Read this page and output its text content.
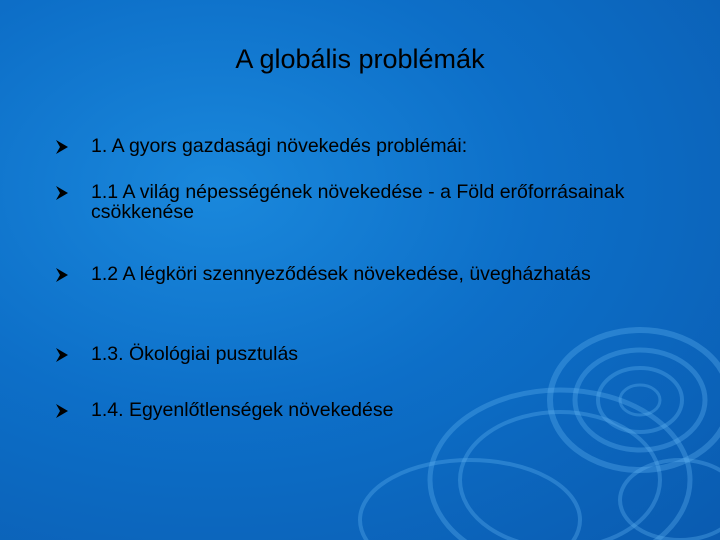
A globális problémák
1. A gyors gazdasági növekedés problémái:
1.1 A világ népességének növekedése - a Föld erőforrásainak csökkenése
1.2 A légköri szennyeződések növekedése, üvegházhatás
1.3. Ökológiai pusztulás
1.4. Egyenlőtlenségek növekedése
